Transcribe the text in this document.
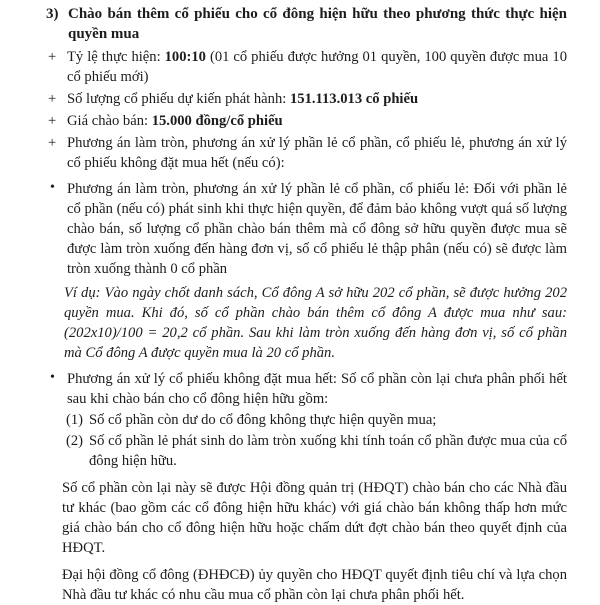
3) Chào bán thêm cổ phiếu cho cổ đông hiện hữu theo phương thức thực hiện quyền mua
+ Tỷ lệ thực hiện: 100:10 (01 cổ phiếu được hưởng 01 quyền, 100 quyền được mua 10 cổ phiếu mới)
+ Số lượng cổ phiếu dự kiến phát hành: 151.113.013 cổ phiếu
+ Giá chào bán: 15.000 đồng/cổ phiếu
+ Phương án làm tròn, phương án xử lý phần lẻ cổ phần, cổ phiếu lẻ, phương án xử lý cổ phiếu không đặt mua hết (nếu có):
• Phương án làm tròn, phương án xử lý phần lẻ cổ phần, cổ phiếu lẻ: Đối với phần lẻ cổ phần (nếu có) phát sinh khi thực hiện quyền, để đảm bảo không vượt quá số lượng chào bán, số lượng cổ phần chào bán thêm mà cổ đông sở hữu quyền được mua sẽ được làm tròn xuống đến hàng đơn vị, số cổ phiếu lẻ thập phân (nếu có) sẽ được làm tròn xuống thành 0 cổ phần
Ví dụ: Vào ngày chốt danh sách, Cổ đông A sở hữu 202 cổ phần, sẽ được hưởng 202 quyền mua. Khi đó, số cổ phần chào bán thêm cổ đông A được mua như sau: (202x10)/100 = 20,2 cổ phần. Sau khi làm tròn xuống đến hàng đơn vị, số cổ phần mà Cổ đông A được quyền mua là 20 cổ phần.
• Phương án xử lý cổ phiếu không đặt mua hết: Số cổ phần còn lại chưa phân phối hết sau khi chào bán cho cổ đông hiện hữu gồm:
(1) Số cổ phần còn dư do cổ đông không thực hiện quyền mua;
(2) Số cổ phần lẻ phát sinh do làm tròn xuống khi tính toán cổ phần được mua của cổ đông hiện hữu.
Số cổ phần còn lại này sẽ được Hội đồng quản trị (HĐQT) chào bán cho các Nhà đầu tư khác (bao gồm các cổ đông hiện hữu khác) với giá chào bán không thấp hơn mức giá chào bán cho cổ đông hiện hữu hoặc chấm dứt đợt chào bán theo quyết định của HĐQT.
Đại hội đồng cổ đông (ĐHĐCĐ) ủy quyền cho HĐQT quyết định tiêu chí và lựa chọn Nhà đầu tư khác có nhu cầu mua cổ phần còn lại chưa phân phối hết.
